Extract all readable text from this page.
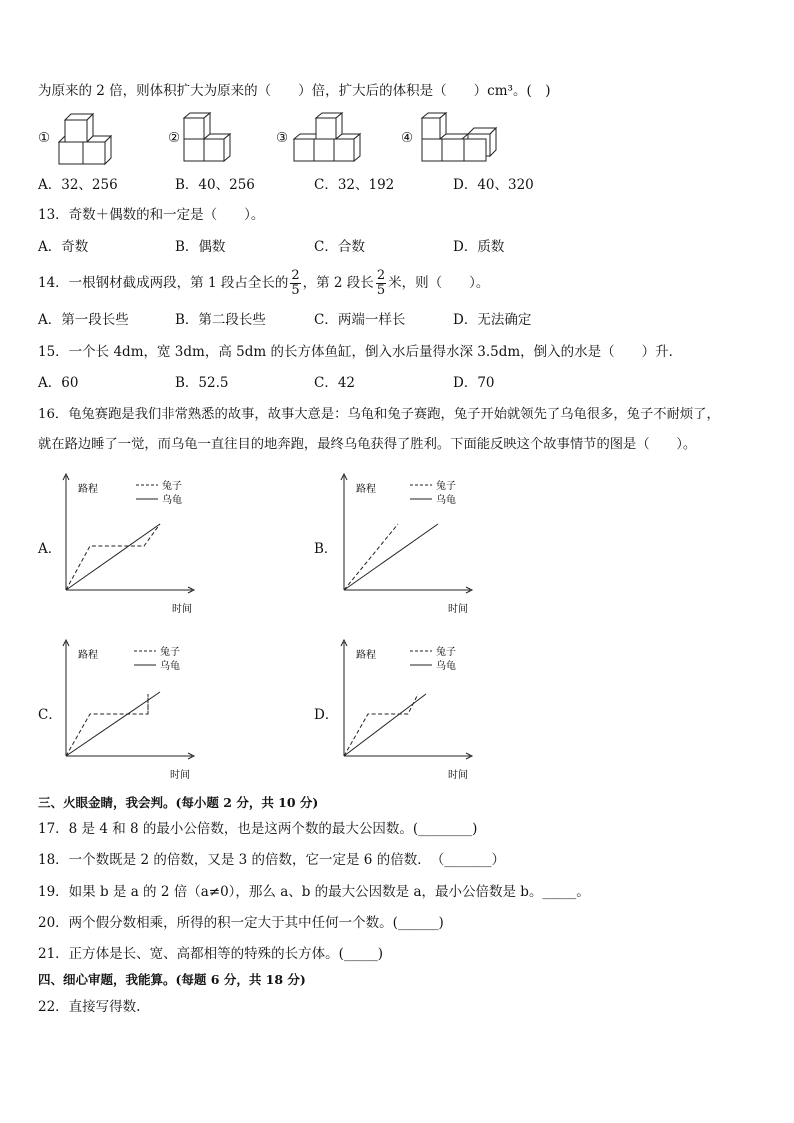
为原来的 2 倍，则体积扩大为原来的（　　）倍，扩大后的体积是（　　）cm³。(　)
①	②	③	④
A．32、256	B．40、256	C．32、192	D．40、320
13．奇数＋偶数的和一定是（　　）。
A．奇数	B．偶数	C．合数	D．质数
14．一根钢材截成两段，第 1 段占全长的 $\frac{2}{5}$ ，第 2 段长 $\frac{2}{5}$ 米，则（　　）。
A．第一段长些	B．第二段长些	C．两端一样长	D．无法确定
15．一个长 4dm，宽 3dm，高 5dm 的长方体鱼缸，倒入水后量得水深 3.5dm，倒入的水是（　　）升．
A．60	B．52.5	C．42	D．70
16．龟兔赛跑是我们非常熟悉的故事，故事大意是：乌龟和兔子赛跑，兔子开始就领先了乌龟很多，兔子不耐烦了，
就在路边睡了一觉，而乌龟一直往目的地奔跑，最终乌龟获得了胜利。下面能反映这个故事情节的图是（　　）。
A．
路程	兔子
乌龟
时间
B．
路程	兔子
乌龟
时间
C．
路程	兔子
乌龟
时间
D．
路程	兔子
乌龟
时间
三、火眼金睛，我会判。(每小题 2 分，共 10 分)
17．8 是 4 和 8 的最小公倍数，也是这两个数的最大公因数。(________)
18．一个数既是 2 的倍数，又是 3 的倍数，它一定是 6 的倍数．　（_______）
19．如果 b 是 a 的 2 倍（a≠0），那么 a、b 的最大公因数是 a，最小公倍数是 b。_____。
20．两个假分数相乘，所得的积一定大于其中任何一个数。(______)
21．正方体是长、宽、高都相等的特殊的长方体。(_____)
四、细心审题，我能算。(每题 6 分，共 18 分)
22．直接写得数.
